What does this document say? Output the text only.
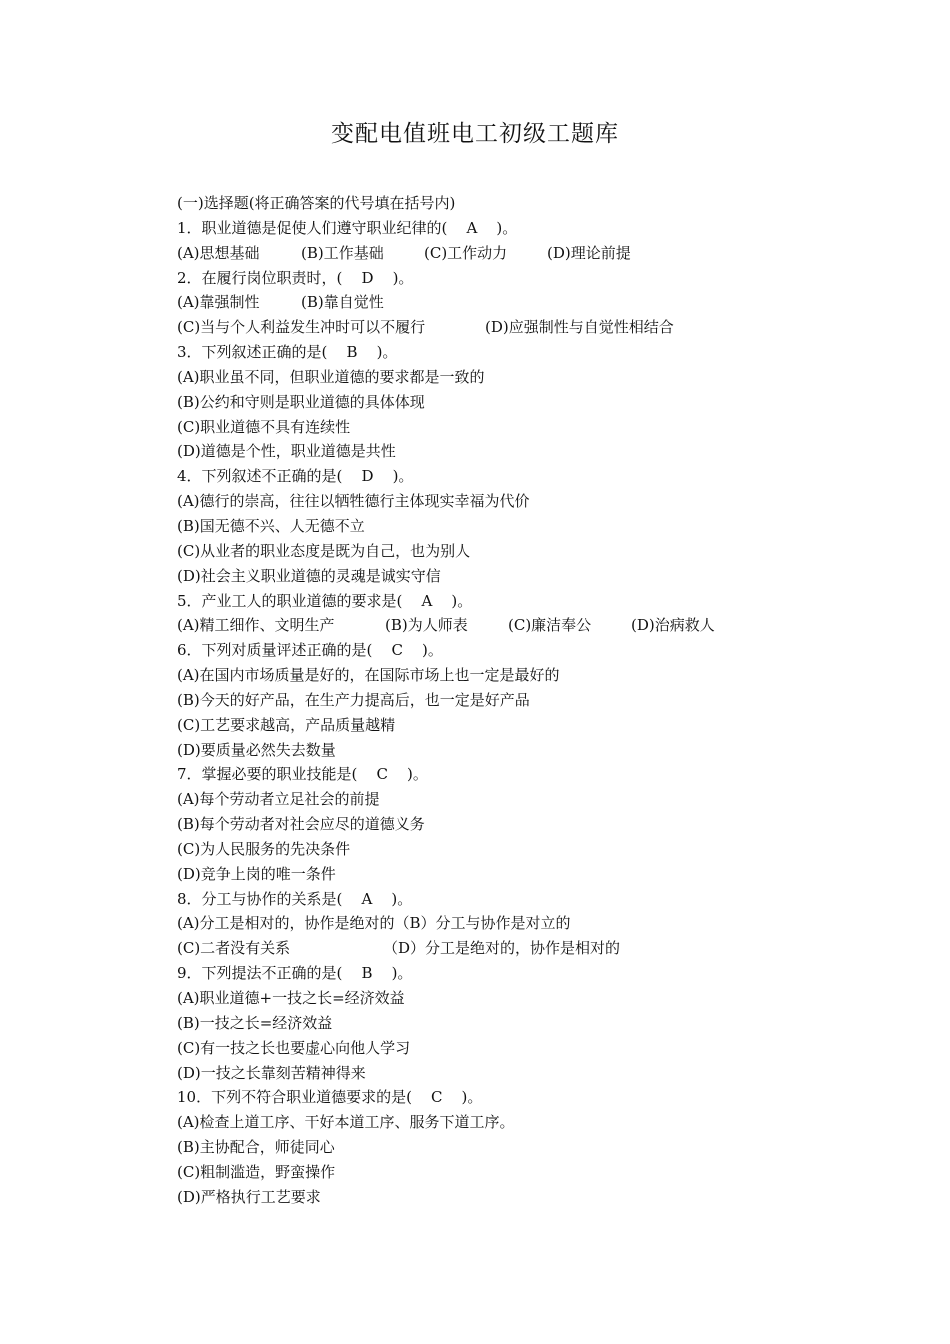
变配电值班电工初级工题库
(一)选择题(将正确答案的代号填在括号内)
1．职业道德是促使人们遵守职业纪律的(    A    )。
(A)思想基础	(B)工作基础	(C)工作动力	(D)理论前提
2．在履行岗位职责时，(    D    )。
(A)靠强制性	(B)靠自觉性
(C)当与个人利益发生冲时可以不履行	(D)应强制性与自觉性相结合
3．下列叙述正确的是(    B    )。
(A)职业虽不同，但职业道德的要求都是一致的
(B)公约和守则是职业道德的具体体现
(C)职业道德不具有连续性
(D)道德是个性，职业道德是共性
4．下列叙述不正确的是(    D    )。
(A)德行的崇高，往往以牺牲德行主体现实幸福为代价
(B)国无德不兴、人无德不立
(C)从业者的职业态度是既为自己，也为别人
(D)社会主义职业道德的灵魂是诚实守信
5．产业工人的职业道德的要求是(    A    )。
(A)精工细作、文明生产	(B)为人师表	(C)廉洁奉公	(D)治病救人
6．下列对质量评述正确的是(    C    )。
(A)在国内市场质量是好的，在国际市场上也一定是最好的
(B)今天的好产品，在生产力提高后，也一定是好产品
(C)工艺要求越高，产品质量越精
(D)要质量必然失去数量
7．掌握必要的职业技能是(    C    )。
(A)每个劳动者立足社会的前提
(B)每个劳动者对社会应尽的道德义务
(C)为人民服务的先决条件
(D)竞争上岗的唯一条件
8．分工与协作的关系是(    A    )。
(A)分工是相对的，协作是绝对的（B）分工与协作是对立的
(C)二者没有关系	（D）分工是绝对的，协作是相对的
9．下列提法不正确的是(    B    )。
(A)职业道德+一技之长=经济效益
(B)一技之长=经济效益
(C)有一技之长也要虚心向他人学习
(D)一技之长靠刻苦精神得来
10．下列不符合职业道德要求的是(    C    )。
(A)检查上道工序、干好本道工序、服务下道工序。
(B)主协配合，师徒同心
(C)粗制滥造，野蛮操作
(D)严格执行工艺要求
